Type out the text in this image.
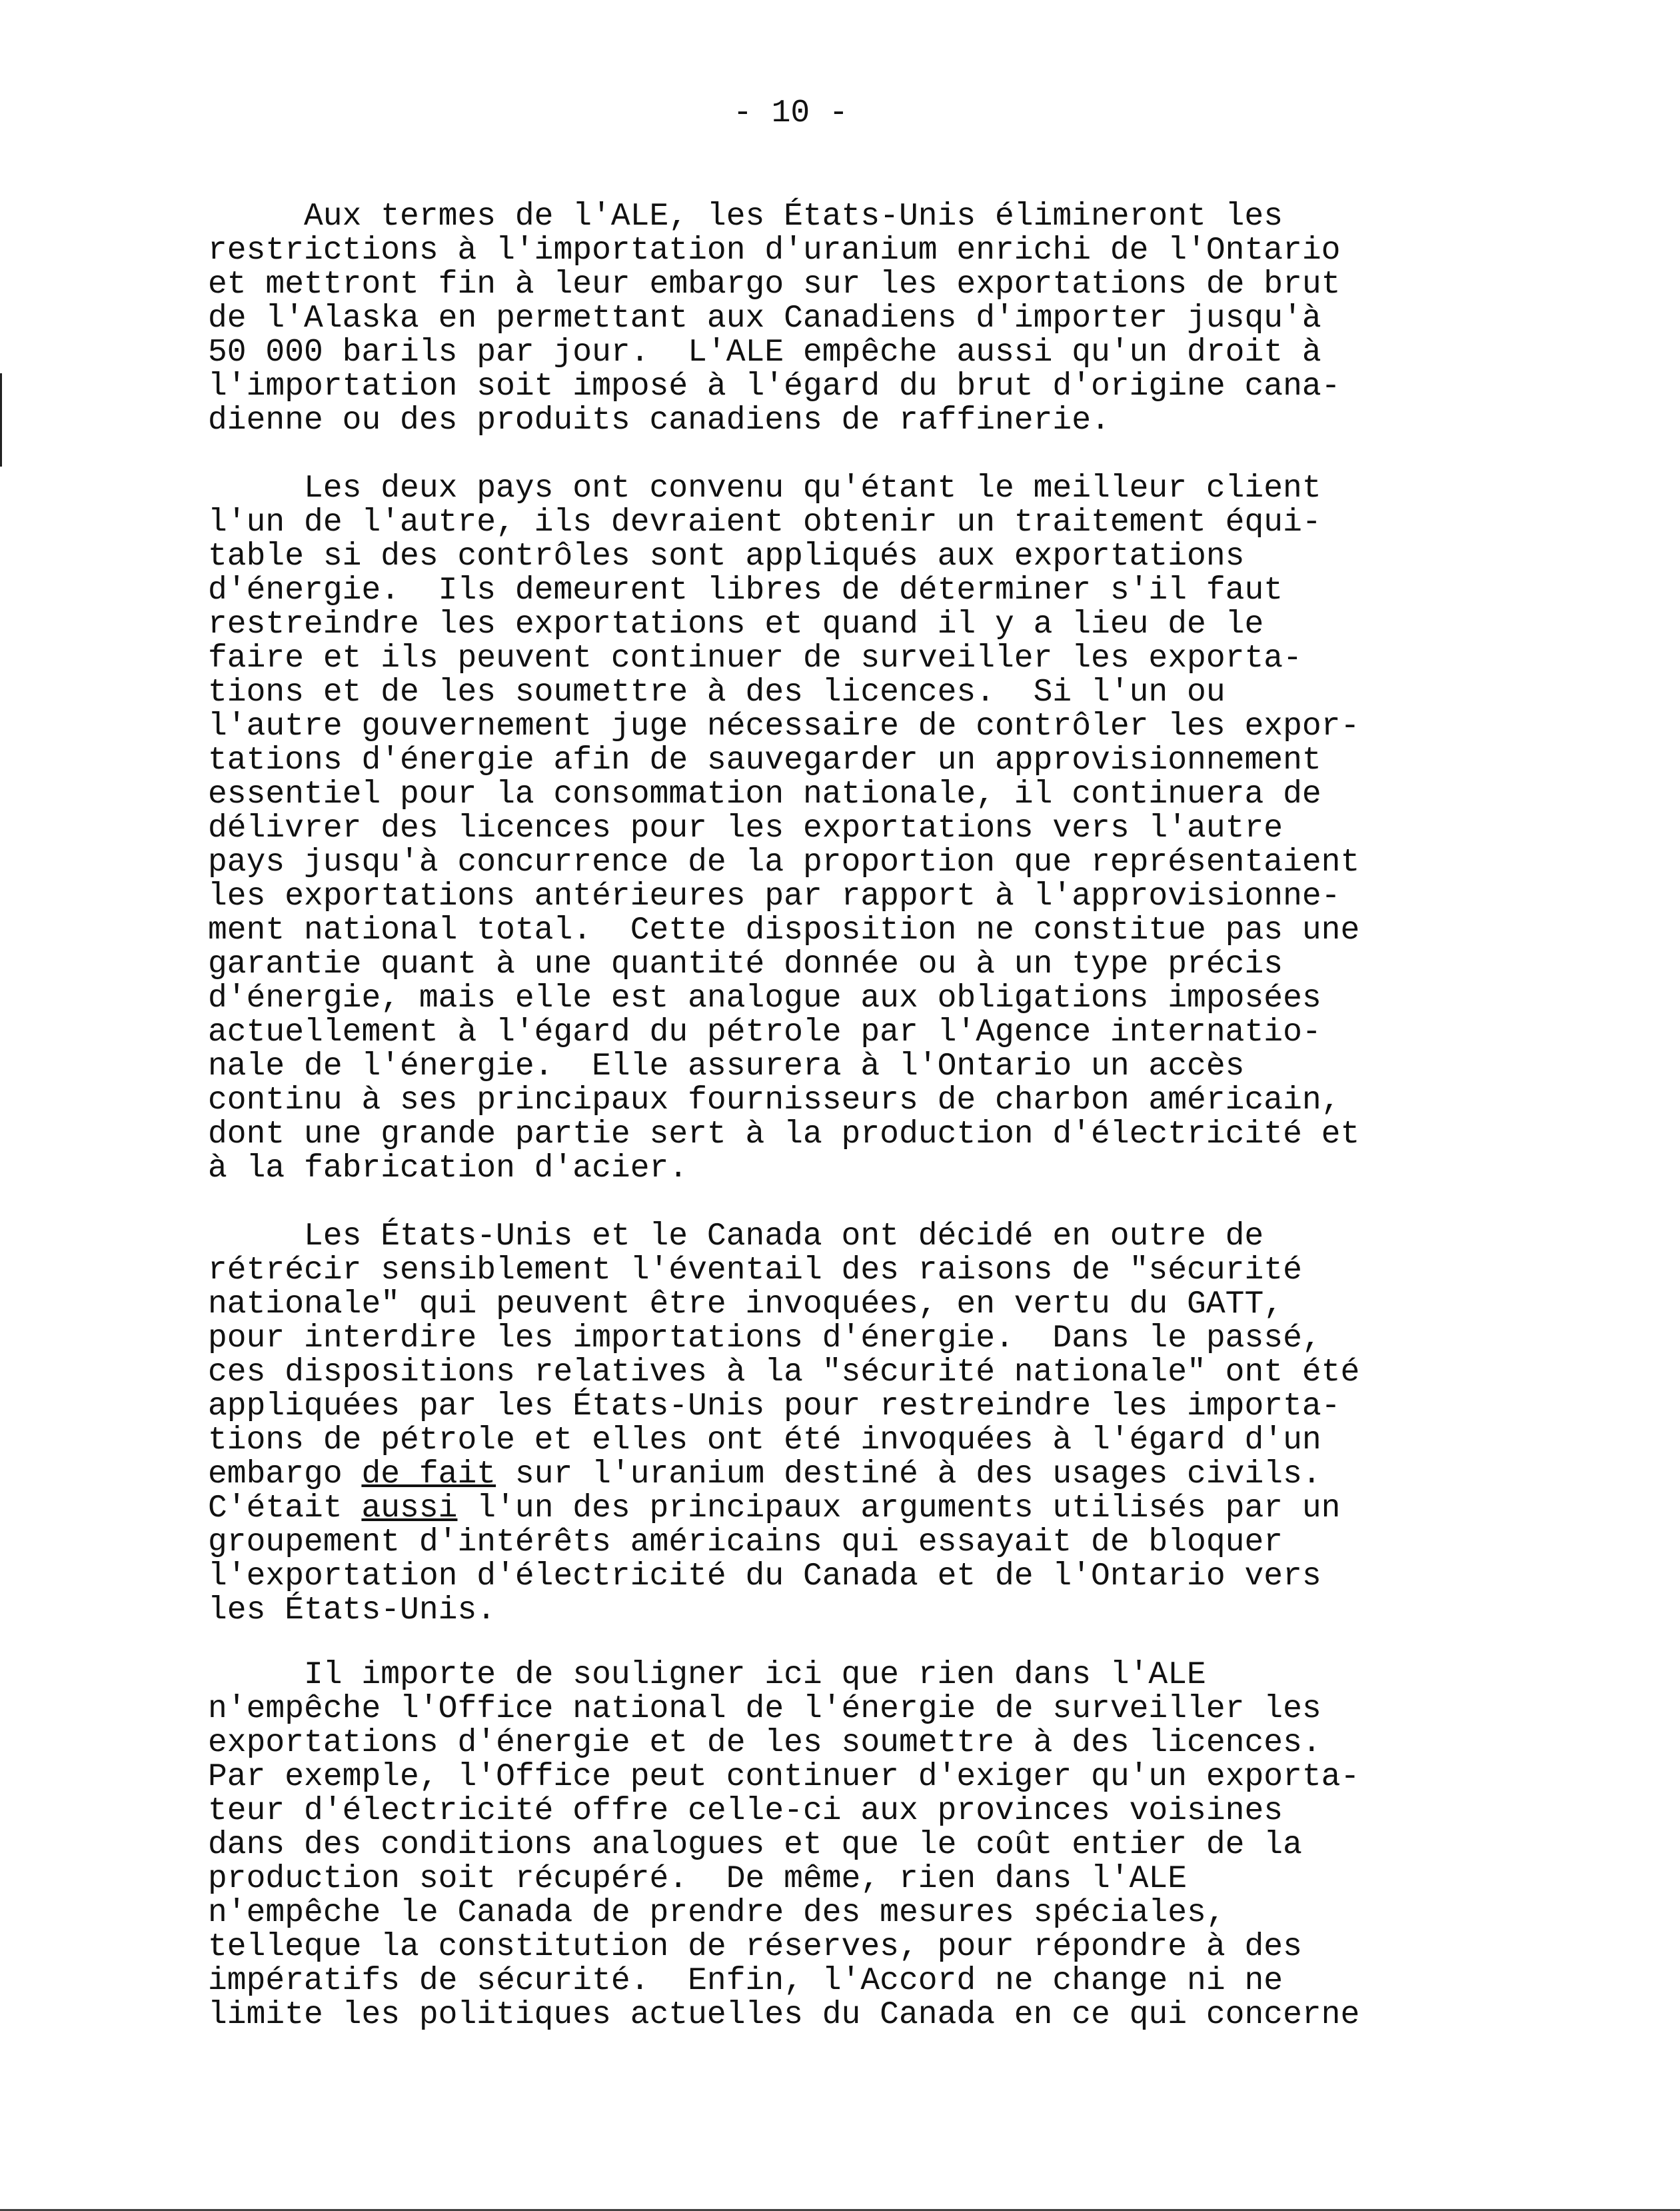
- 10 -

Aux termes de l'ALE, les États-Unis élimineront les
restrictions à l'importation d'uranium enrichi de l'Ontario
et mettront fin à leur embargo sur les exportations de brut
de l'Alaska en permettant aux Canadiens d'importer jusqu'à
50 000 barils par jour.  L'ALE empêche aussi qu'un droit à
l'importation soit imposé à l'égard du brut d'origine cana-
dienne ou des produits canadiens de raffinerie.

Les deux pays ont convenu qu'étant le meilleur client
l'un de l'autre, ils devraient obtenir un traitement équi-
table si des contrôles sont appliqués aux exportations
d'énergie.  Ils demeurent libres de déterminer s'il faut
restreindre les exportations et quand il y a lieu de le
faire et ils peuvent continuer de surveiller les exporta-
tions et de les soumettre à des licences.  Si l'un ou
l'autre gouvernement juge nécessaire de contrôler les expor-
tations d'énergie afin de sauvegarder un approvisionnement
essentiel pour la consommation nationale, il continuera de
délivrer des licences pour les exportations vers l'autre
pays jusqu'à concurrence de la proportion que représentaient
les exportations antérieures par rapport à l'approvisionne-
ment national total.  Cette disposition ne constitue pas une
garantie quant à une quantité donnée ou à un type précis
d'énergie, mais elle est analogue aux obligations imposées
actuellement à l'égard du pétrole par l'Agence internatio-
nale de l'énergie.  Elle assurera à l'Ontario un accès
continu à ses principaux fournisseurs de charbon américain,
dont une grande partie sert à la production d'électricité et
à la fabrication d'acier.

Les États-Unis et le Canada ont décidé en outre de
rétrécir sensiblement l'éventail des raisons de "sécurité
nationale" qui peuvent être invoquées, en vertu du GATT,
pour interdire les importations d'énergie.  Dans le passé,
ces dispositions relatives à la "sécurité nationale" ont été
appliquées par les États-Unis pour restreindre les importa-
tions de pétrole et elles ont été invoquées à l'égard d'un
embargo de fait sur l'uranium destiné à des usages civils.
C'était aussi l'un des principaux arguments utilisés par un
groupement d'intérêts américains qui essayait de bloquer
l'exportation d'électricité du Canada et de l'Ontario vers
les États-Unis.

Il importe de souligner ici que rien dans l'ALE
n'empêche l'Office national de l'énergie de surveiller les
exportations d'énergie et de les soumettre à des licences.
Par exemple, l'Office peut continuer d'exiger qu'un exporta-
teur d'électricité offre celle-ci aux provinces voisines
dans des conditions analogues et que le coût entier de la
production soit récupéré.  De même, rien dans l'ALE
n'empêche le Canada de prendre des mesures spéciales,
telleque la constitution de réserves, pour répondre à des
impératifs de sécurité.  Enfin, l'Accord ne change ni ne
limite les politiques actuelles du Canada en ce qui concerne
